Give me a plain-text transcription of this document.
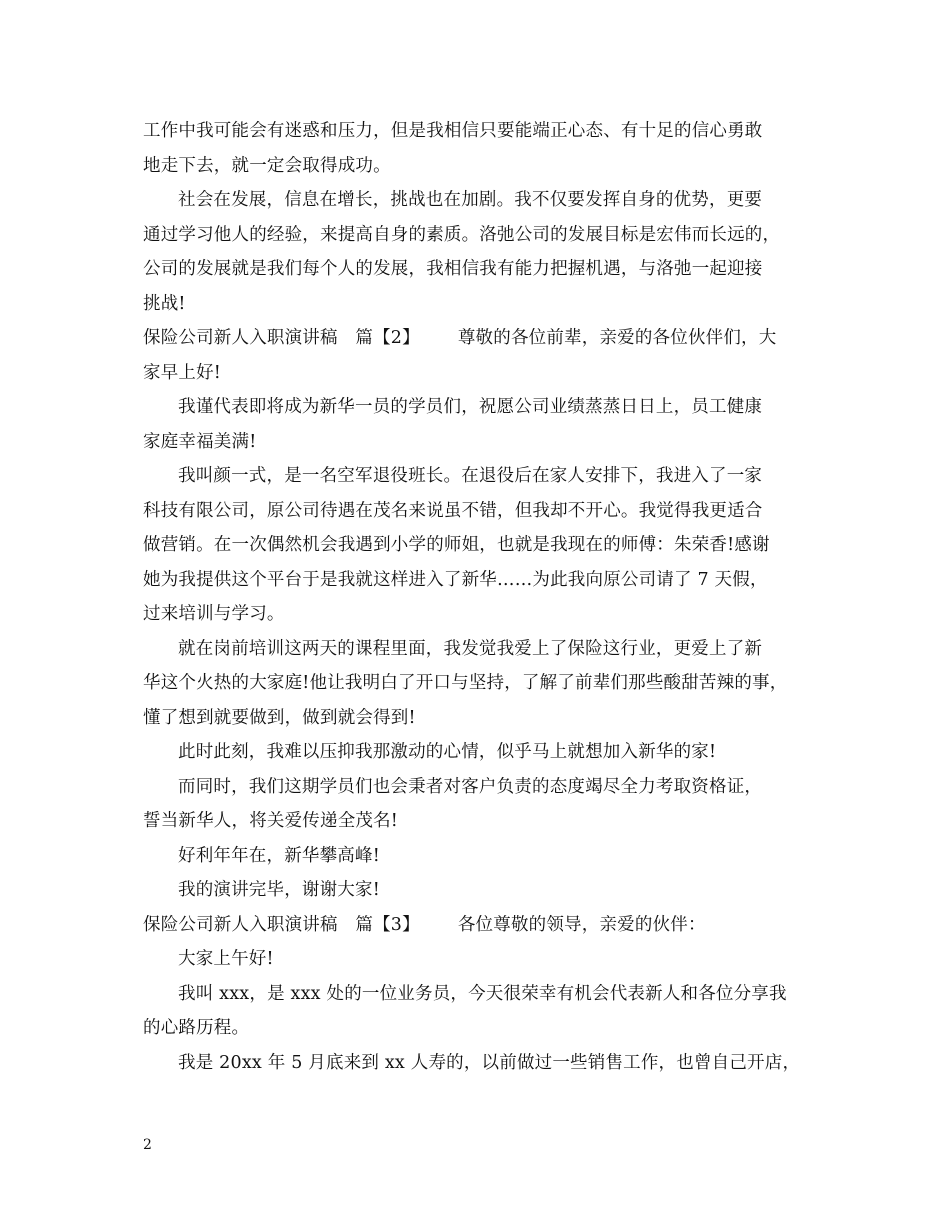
工作中我可能会有迷惑和压力，但是我相信只要能端正心态、有十足的信心勇敢
地走下去，就一定会取得成功。
社会在发展，信息在增长，挑战也在加剧。我不仅要发挥自身的优势，更要
通过学习他人的经验，来提高自身的素质。洛弛公司的发展目标是宏伟而长远的，
公司的发展就是我们每个人的发展，我相信我有能力把握机遇，与洛弛一起迎接
挑战!
保险公司新人入职演讲稿　篇【2】 尊敬的各位前辈，亲爱的各位伙伴们，大
家早上好!
我谨代表即将成为新华一员的学员们，祝愿公司业绩蒸蒸日日上，员工健康
家庭幸福美满!
我叫颜一式，是一名空军退役班长。在退役后在家人安排下，我进入了一家
科技有限公司，原公司待遇在茂名来说虽不错，但我却不开心。我觉得我更适合
做营销。在一次偶然机会我遇到小学的师姐，也就是我现在的师傅：朱荣香!感谢
她为我提供这个平台于是我就这样进入了新华……为此我向原公司请了 7 天假，
过来培训与学习。
就在岗前培训这两天的课程里面，我发觉我爱上了保险这行业，更爱上了新
华这个火热的大家庭!他让我明白了开口与坚持，了解了前辈们那些酸甜苦辣的事，
懂了想到就要做到，做到就会得到!
此时此刻，我难以压抑我那激动的心情，似乎马上就想加入新华的家!
而同时，我们这期学员们也会秉者对客户负责的态度竭尽全力考取资格证，
誓当新华人，将关爱传递全茂名!
好利年年在，新华攀高峰!
我的演讲完毕，谢谢大家!
保险公司新人入职演讲稿　篇【3】 各位尊敬的领导，亲爱的伙伴：
大家上午好!
我叫 xxx，是 xxx 处的一位业务员，今天很荣幸有机会代表新人和各位分享我
的心路历程。
我是 20xx 年 5 月底来到 xx 人寿的，以前做过一些销售工作，也曾自己开店，
2
